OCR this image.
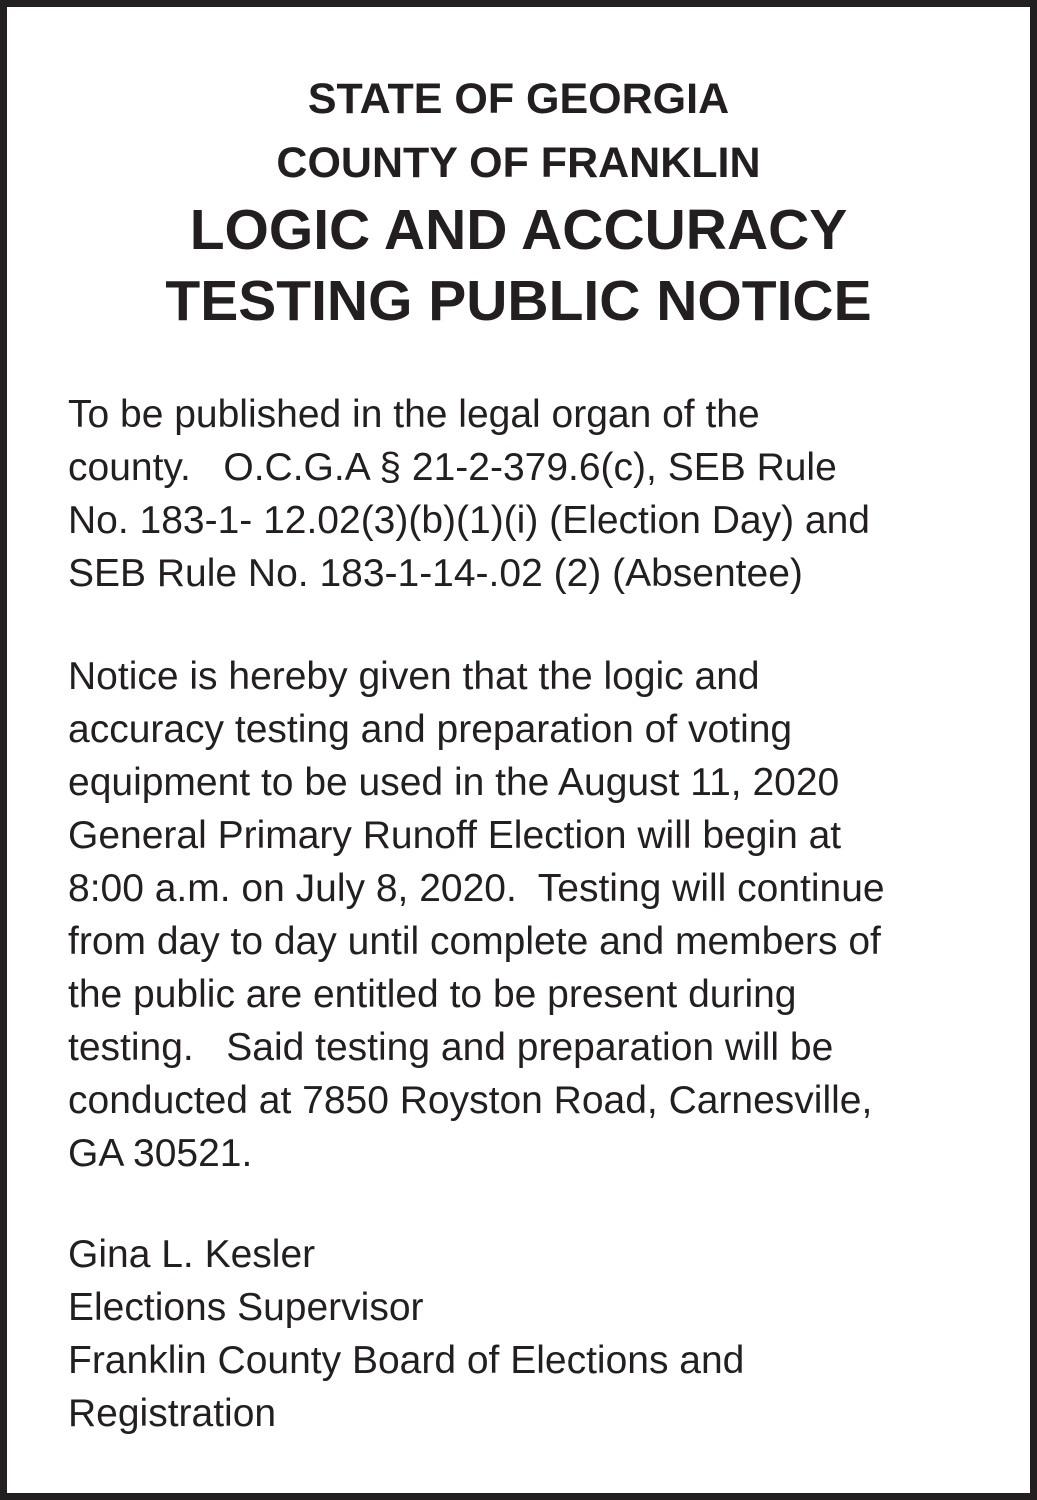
STATE OF GEORGIA
COUNTY OF FRANKLIN
LOGIC AND ACCURACY
TESTING PUBLIC NOTICE
To be published in the legal organ of the
county.   O.C.G.A § 21-2-379.6(c), SEB Rule
No. 183-1- 12.02(3)(b)(1)(i) (Election Day) and
SEB Rule No. 183-1-14-.02 (2) (Absentee)
Notice is hereby given that the logic and
accuracy testing and preparation of voting
equipment to be used in the August 11, 2020
General Primary Runoff Election will begin at
8:00 a.m. on July 8, 2020.  Testing will continue
from day to day until complete and members of
the public are entitled to be present during
testing.   Said testing and preparation will be
conducted at 7850 Royston Road, Carnesville,
GA 30521.
Gina L. Kesler
Elections Supervisor
Franklin County Board of Elections and
Registration
